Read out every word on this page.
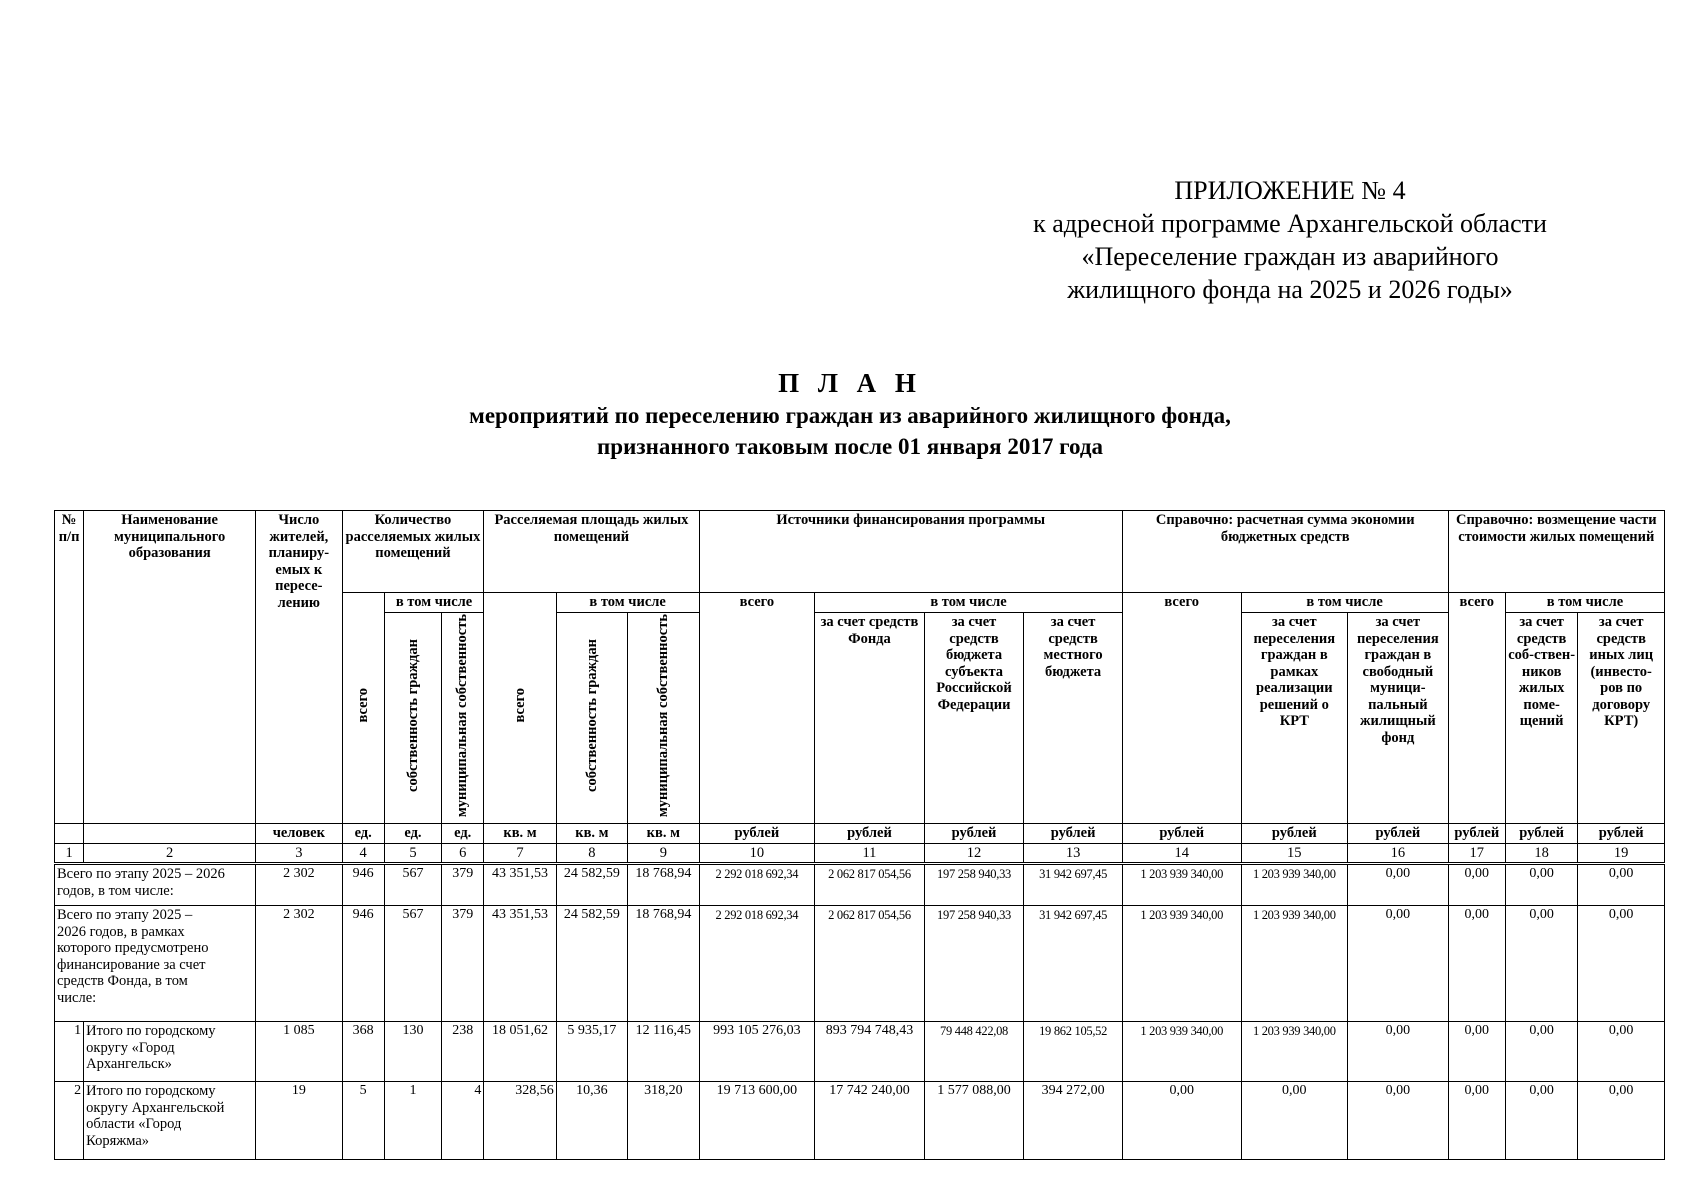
ПРИЛОЖЕНИЕ № 4
к адресной программе Архангельской области
«Переселение граждан из аварийного
жилищного фонда на 2025 и 2026 годы»
П Л А Н
мероприятий по переселению граждан из аварийного жилищного фонда,
признанного таковым после 01 января 2017 года
№ п/п	Наименование муниципального образования	Число жителей, планиру-емых к пересе-лению	Количество расселяемых жилых помещений			Расселяемая площадь жилых помещений			Источники финансирования программы				Справочно: расчетная сумма экономии бюджетных средств			Справочно: возмещение части стоимости жилых помещений		
			всего	в том числе		всего	в том числе		всего	в том числе			всего	в том числе		всего	в том числе	
				собственность граждан	муниципальная собственность		собственность граждан	муниципальная собственность		за счет средств Фонда	за счет средств бюджета субъекта Российской Федерации	за счет средств местного бюджета		за счет переселения граждан в рамках реализации решений о КРТ	за счет переселения граждан в свободный муници-пальный жилищный фонд		за счет средств соб-ствен-ников жилых поме-щений	за счет средств иных лиц (инвесто-ров по договору КРТ)
		человек	ед.	ед.	ед.	кв. м	кв. м	кв. м	рублей	рублей	рублей	рублей	рублей	рублей	рублей	рублей	рублей	рублей
1	2	3	4	5	6	7	8	9	10	11	12	13	14	15	16	17	18	19
Всего по этапу 2025 – 2026 годов, в том числе:		2 302	946	567	379	43 351,53	24 582,59	18 768,94	2 292 018 692,34	2 062 817 054,56	197 258 940,33	31 942 697,45	1 203 939 340,00	1 203 939 340,00	0,00	0,00	0,00	0,00
Всего по этапу 2025 – 2026 годов, в рамках которого предусмотрено финансирование за счет средств Фонда, в том числе:		2 302	946	567	379	43 351,53	24 582,59	18 768,94	2 292 018 692,34	2 062 817 054,56	197 258 940,33	31 942 697,45	1 203 939 340,00	1 203 939 340,00	0,00	0,00	0,00	0,00
1	Итого по городскому округу «Город Архангельск»	1 085	368	130	238	18 051,62	5 935,17	12 116,45	993 105 276,03	893 794 748,43	79 448 422,08	19 862 105,52	1 203 939 340,00	1 203 939 340,00	0,00	0,00	0,00	0,00
2	Итого по городскому округу Архангельской области «Город Коряжма»	19	5	1	4	328,56	10,36	318,20	19 713 600,00	17 742 240,00	1 577 088,00	394 272,00	0,00	0,00	0,00	0,00	0,00	0,00
